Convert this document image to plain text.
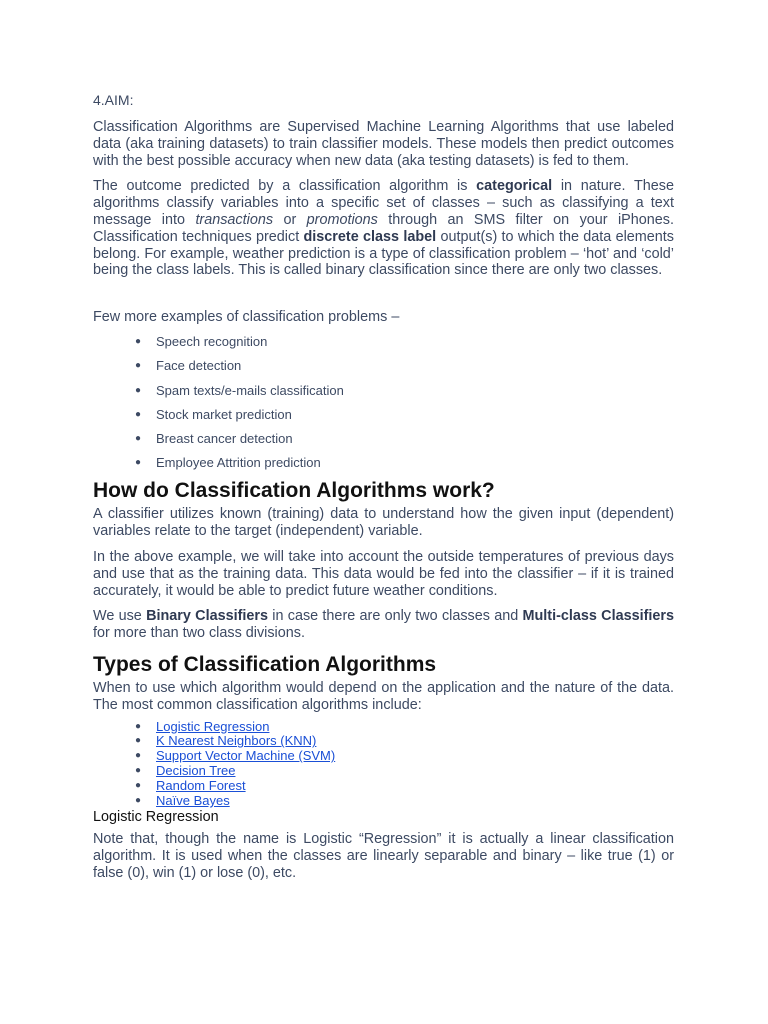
4.AIM:

Classification Algorithms are Supervised Machine Learning Algorithms that use labeled data (aka training datasets) to train classifier models. These models then predict outcomes with the best possible accuracy when new data (aka testing datasets) is fed to them.

The outcome predicted by a classification algorithm is categorical in nature. These algorithms classify variables into a specific set of classes – such as classifying a text message into transactions or promotions through an SMS filter on your iPhones. Classification techniques predict discrete class label output(s) to which the data elements belong. For example, weather prediction is a type of classification problem – ‘hot’ and ‘cold’ being the class labels. This is called binary classification since there are only two classes.

Few more examples of classification problems –
● Speech recognition
● Face detection
● Spam texts/e-mails classification
● Stock market prediction
● Breast cancer detection
● Employee Attrition prediction
How do Classification Algorithms work?

A classifier utilizes known (training) data to understand how the given input (dependent) variables relate to the target (independent) variable.

In the above example, we will take into account the outside temperatures of previous days and use that as the training data. This data would be fed into the classifier – if it is trained accurately, it would be able to predict future weather conditions.

We use Binary Classifiers in case there are only two classes and Multi-class Classifiers for more than two class divisions.

Types of Classification Algorithms

When to use which algorithm would depend on the application and the nature of the data. The most common classification algorithms include:

● Logistic Regression
● K Nearest Neighbors (KNN)
● Support Vector Machine (SVM)
● Decision Tree
● Random Forest
● Naïve Bayes
Logistic Regression

Note that, though the name is Logistic “Regression” it is actually a linear classification algorithm. It is used when the classes are linearly separable and binary – like true (1) or false (0), win (1) or lose (0), etc.
